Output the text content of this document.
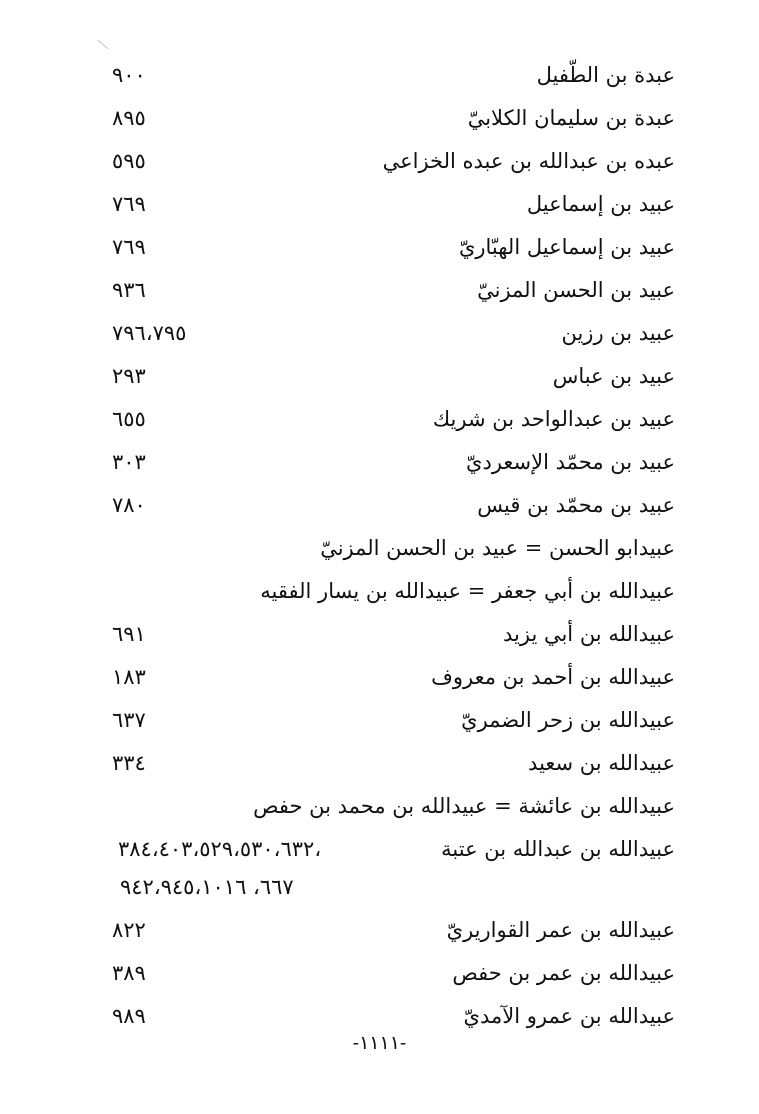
عبدة بن الطّفيل
٩٠٠
عبدة بن سليمان الكلابيّ
٨٩٥
عبده بن عبدالله بن عبده الخزاعي
٥٩٥
عبيد بن إسماعيل
٧٦٩
عبيد بن إسماعيل الهبّاريّ
٧٦٩
عبيد بن الحسن المزنيّ
٩٣٦
عبيد بن رزين
٧٩٦،٧٩٥
عبيد بن عباس
٢٩٣
عبيد بن عبدالواحد بن شريك
٦٥٥
عبيد بن محمّد الإسعرديّ
٣٠٣
عبيد بن محمّد بن قيس
٧٨٠
عبيدابو الحسن = عبيد بن الحسن المزنيّ
عبيدالله بن أبي جعفر = عبيدالله بن يسار الفقيه
عبيدالله بن أبي يزيد
٦٩١
عبيدالله بن أحمد بن معروف
١٨٣
عبيدالله بن زحر الضمريّ
٦٣٧
عبيدالله بن سعيد
٣٣٤
عبيدالله بن عائشة = عبيدالله بن محمد بن حفص
عبيدالله بن عبدالله بن عتبة
٣٨٤،٤٠٣،٥٢٩،٥٣٠،٦٣٢،
٦٦٧، ٩٤٢،٩٤٥،١٠١٦
عبيدالله بن عمر القواريريّ
٨٢٢
عبيدالله بن عمر بن حفص
٣٨٩
عبيدالله بن عمرو الآمديّ
٩٨٩
-١١١١-
